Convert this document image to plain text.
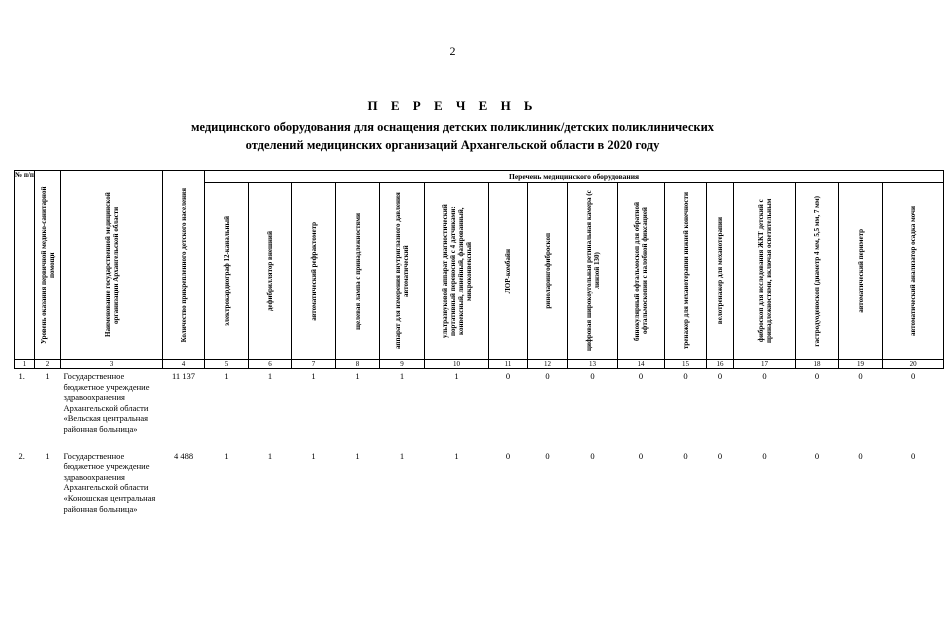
2
П Е Р Е Ч Е Н Ь
медицинского оборудования для оснащения детских поликлиник/детских поликлинических
отделений медицинских организаций Архангельской области в 2020 году
№ п/п	Уровень оказания первичной медико-санитарной помощи	Наименование государственной медицинской организации Архангельской области	Количество прикрепленного детского населения	Перечень медицинского оборудования															

				электрокардиограф 12-канальный	дефибриллятор внешний	автоматический рефрактометр	щелевая лампа с принадлежностями	аппарат для измерения внутриглазного давления автоматический	ультразвуковой аппарат диагностический портативный переносной с 4 датчиками: конвексный, линейный, фазированный, микроконвексный	ЛОР-комбайн	риноларингофиброскоп	цифровая широкоугольная ретинальная камера (с линзой 130)	бинокулярный офтальмоскоп для обратной офтальмоскопии с налобной фиксацией	тренажер для механотерапии нижней конечности	велотренажер для механотерапии	фиброскоп для исследования ЖКТ детский с принадлежностями, включая осветительным	гастродуоденоскоп (диаметр 4 мм, 5,5 мм, 7 мм)	автоматический периметр	автоматический анализатор осадка мочи

1	2	3	4	5	6	7	8	9	10	11	12	13	14	15	16	17	18	19	20
1.	1	Государственное бюджетное учреждение здравоохранения Архангельской области «Вельская центральная районная больница»	11 137	1	1	1	1	1	1	0	0	0	0	0	0	0	0	0	0

2.	1	Государственное бюджетное учреждение здравоохранения Архангельской области «Коношская центральная районная больница»	4 488	1	1	1	1	1	1	0	0	0	0	0	0	0	0	0	0
